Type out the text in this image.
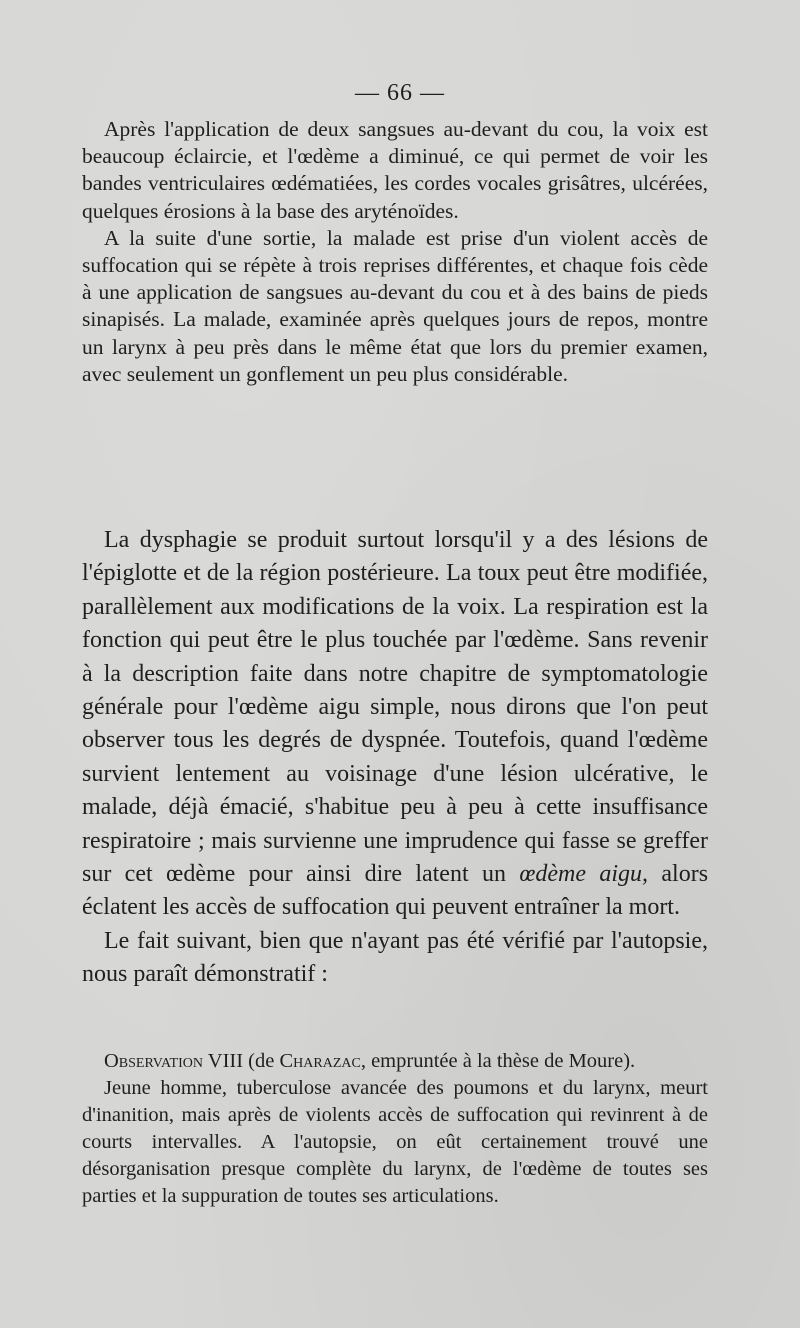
— 66 —

Après l'application de deux sangsues au-devant du cou, la voix est beaucoup éclaircie, et l'œdème a diminué, ce qui permet de voir les bandes ventriculaires œdématiées, les cordes vocales grisâtres, ulcérées, quelques érosions à la base des aryténoïdes.

A la suite d'une sortie, la malade est prise d'un violent accès de suffocation qui se répète à trois reprises différentes, et chaque fois cède à une application de sangsues au-devant du cou et à des bains de pieds sinapisés. La malade, examinée après quelques jours de repos, montre un larynx à peu près dans le même état que lors du premier examen, avec seulement un gonflement un peu plus considérable.

La dysphagie se produit surtout lorsqu'il y a des lésions de l'épiglotte et de la région postérieure. La toux peut être modifiée, parallèlement aux modifications de la voix. La respiration est la fonction qui peut être le plus touchée par l'œdème. Sans revenir à la description faite dans notre chapitre de symptomatologie générale pour l'œdème aigu simple, nous dirons que l'on peut observer tous les degrés de dyspnée. Toutefois, quand l'œdème survient lentement au voisinage d'une lésion ulcérative, le malade, déjà émacié, s'habitue peu à peu à cette insuffisance respiratoire ; mais survienne une imprudence qui fasse se greffer sur cet œdème pour ainsi dire latent un œdème aigu, alors éclatent les accès de suffocation qui peuvent entraîner la mort.

Le fait suivant, bien que n'ayant pas été vérifié par l'autopsie, nous paraît démonstratif :

Observation VIII (de Charazac, empruntée à la thèse de Moure).

Jeune homme, tuberculose avancée des poumons et du larynx, meurt d'inanition, mais après de violents accès de suffocation qui revinrent à de courts intervalles. A l'autopsie, on eût certainement trouvé une désorganisation presque complète du larynx, de l'œdème de toutes ses parties et la suppuration de toutes ses articulations.
